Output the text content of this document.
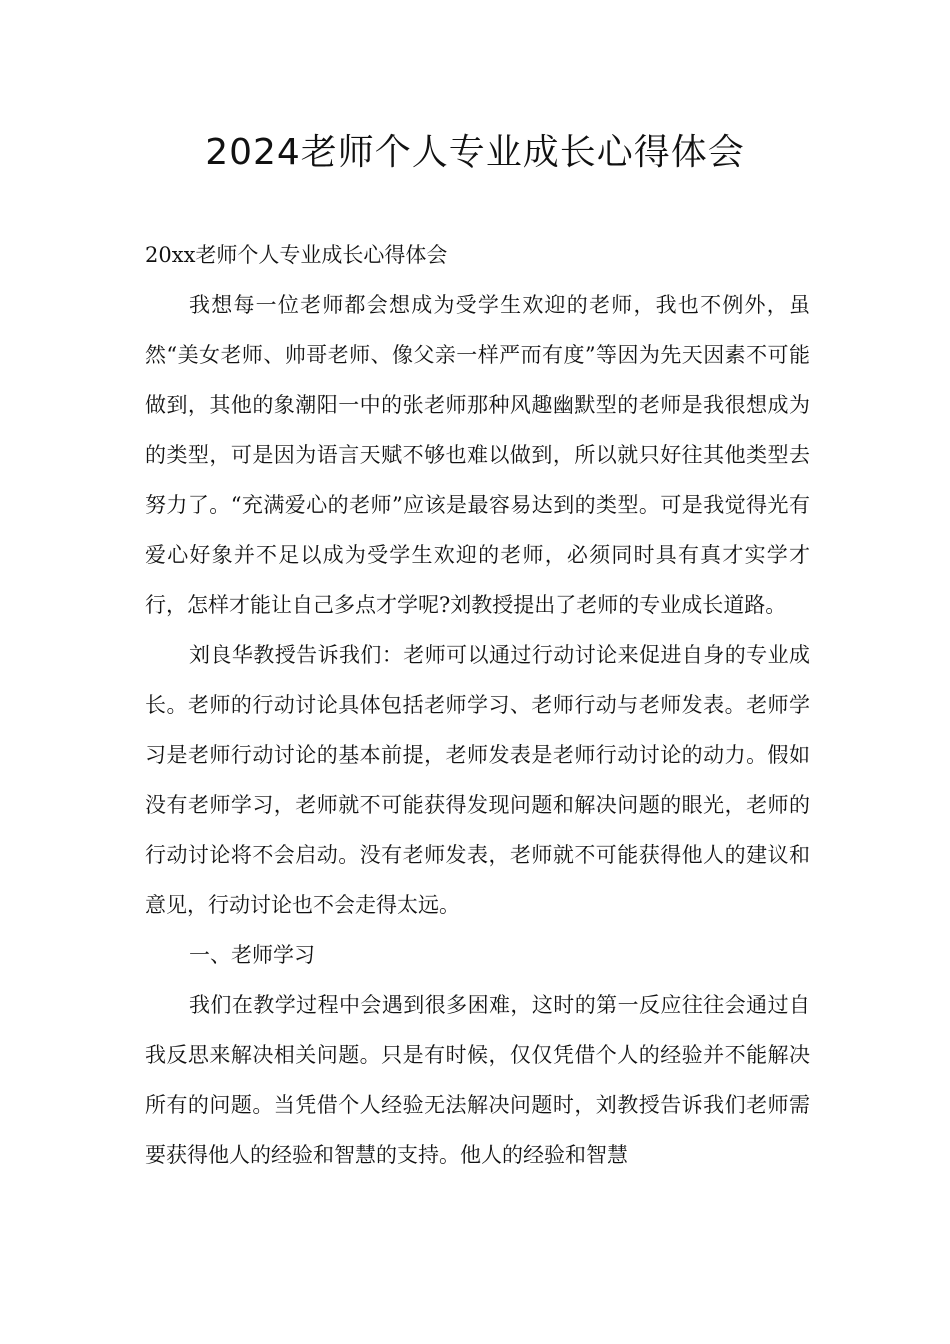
2024老师个人专业成长心得体会

20xx老师个人专业成长心得体会

我想每一位老师都会想成为受学生欢迎的老师，我也不例外，虽然“美女老师、帅哥老师、像父亲一样严而有度”等因为先天因素不可能做到，其他的象潮阳一中的张老师那种风趣幽默型的老师是我很想成为的类型，可是因为语言天赋不够也难以做到，所以就只好往其他类型去努力了。“充满爱心的老师”应该是最容易达到的类型。可是我觉得光有爱心好象并不足以成为受学生欢迎的老师，必须同时具有真才实学才行，怎样才能让自己多点才学呢?刘教授提出了老师的专业成长道路。

刘良华教授告诉我们：老师可以通过行动讨论来促进自身的专业成长。老师的行动讨论具体包括老师学习、老师行动与老师发表。老师学习是老师行动讨论的基本前提，老师发表是老师行动讨论的动力。假如没有老师学习，老师就不可能获得发现问题和解决问题的眼光，老师的行动讨论将不会启动。没有老师发表，老师就不可能获得他人的建议和意见，行动讨论也不会走得太远。

一、老师学习

我们在教学过程中会遇到很多困难，这时的第一反应往往会通过自我反思来解决相关问题。只是有时候，仅仅凭借个人的经验并不能解决所有的问题。当凭借个人经验无法解决问题时，刘教授告诉我们老师需要获得他人的经验和智慧的支持。他人的经验和智慧
